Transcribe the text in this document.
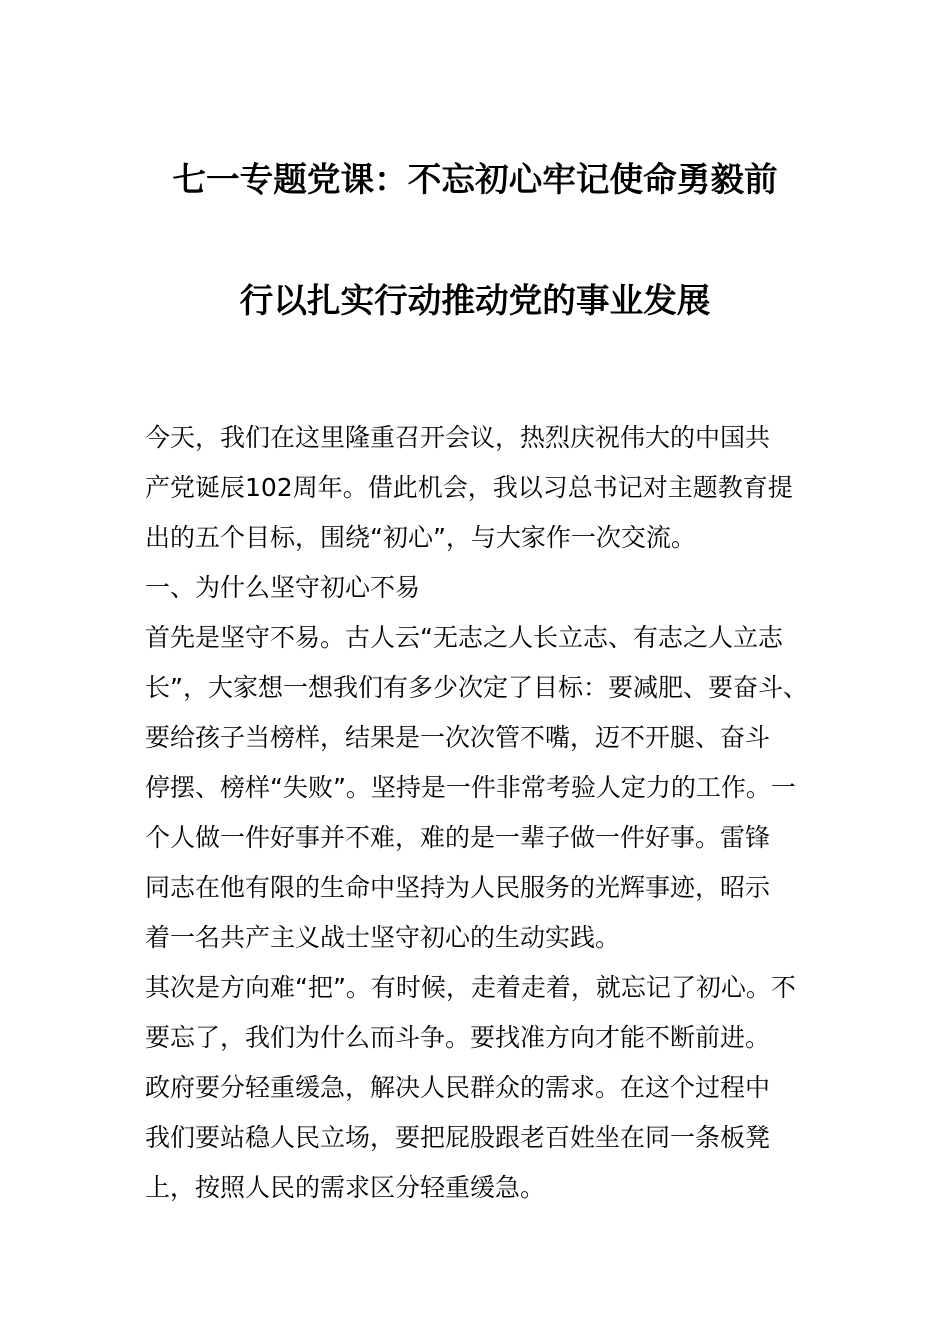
七一专题党课：不忘初心牢记使命勇毅前
行以扎实行动推动党的事业发展
今天，我们在这里隆重召开会议，热烈庆祝伟大的中国共
产党诞辰102周年。借此机会，我以习总书记对主题教育提
出的五个目标，围绕“初心”，与大家作一次交流。
一、为什么坚守初心不易
首先是坚守不易。古人云“无志之人长立志、有志之人立志
长”，大家想一想我们有多少次定了目标：要减肥、要奋斗、
要给孩子当榜样，结果是一次次管不嘴，迈不开腿、奋斗
停摆、榜样“失败”。坚持是一件非常考验人定力的工作。一
个人做一件好事并不难，难的是一辈子做一件好事。雷锋
同志在他有限的生命中坚持为人民服务的光辉事迹，昭示
着一名共产主义战士坚守初心的生动实践。
其次是方向难“把”。有时候，走着走着，就忘记了初心。不
要忘了，我们为什么而斗争。要找准方向才能不断前进。
政府要分轻重缓急，解决人民群众的需求。在这个过程中
我们要站稳人民立场，要把屁股跟老百姓坐在同一条板凳
上，按照人民的需求区分轻重缓急。
